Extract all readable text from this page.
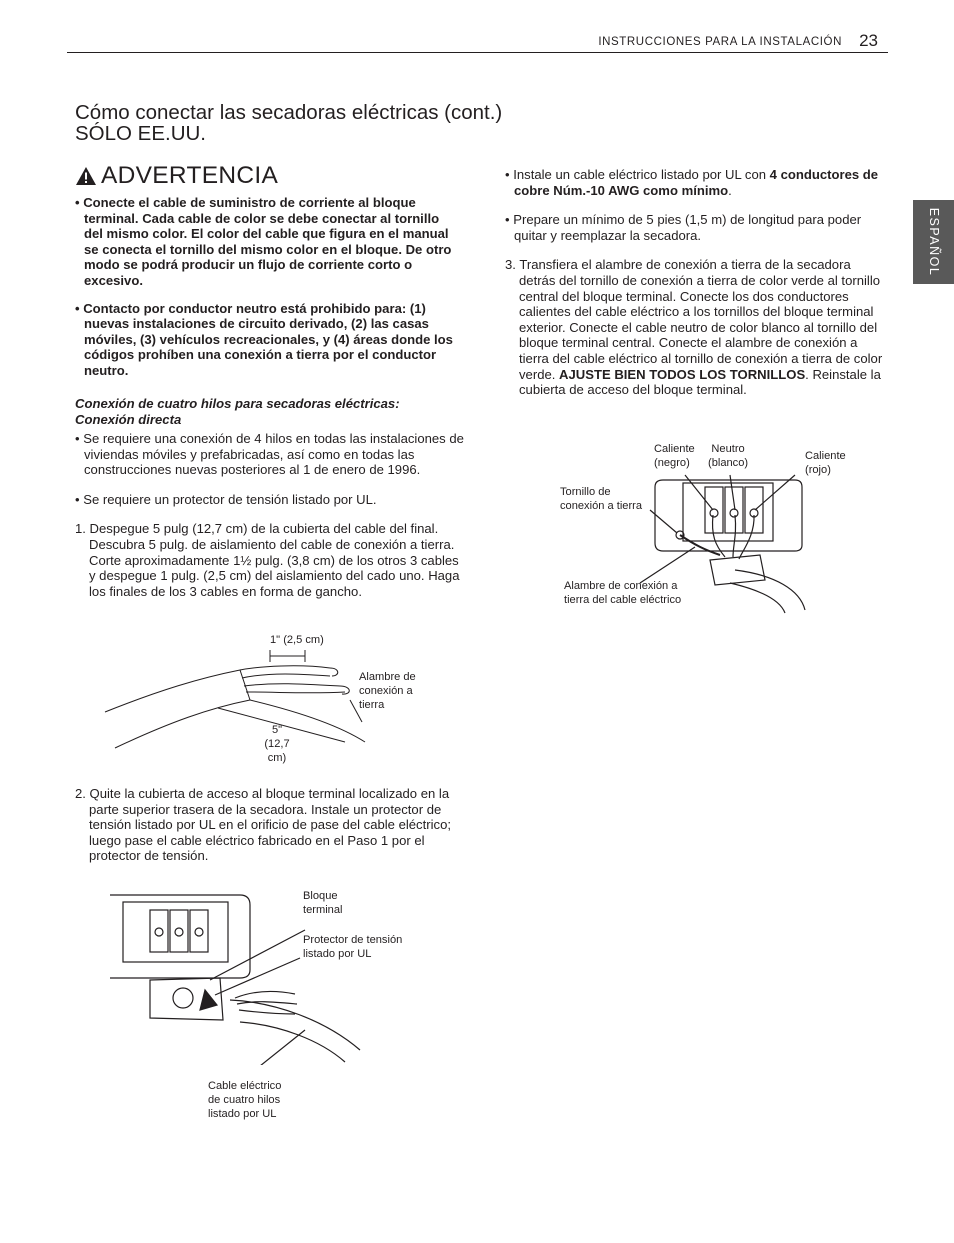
INSTRUCCIONES PARA LA INSTALACIÓN 23
ESPAÑOL
Cómo conectar las secadoras eléctricas (cont.)
SÓLO EE.UU.
ADVERTENCIA

• Conecte el cable de suministro de corriente al bloque terminal. Cada cable de color se debe conectar al tornillo del mismo color. El color del cable que figura en el manual se conecta el tornillo del mismo color en el bloque. De otro modo se podrá producir un flujo de corriente corto o excesivo.

• Contacto por conductor neutro está prohibido para: (1) nuevas instalaciones de circuito derivado, (2) las casas móviles, (3) vehículos recreacionales, y (4) áreas donde los códigos prohíben una conexión a tierra por el conductor neutro.

Conexión de cuatro hilos para secadoras eléctricas:

Conexión directa

• Se requiere una conexión de 4 hilos en todas las instalaciones de viviendas móviles y prefabricadas, así como en todas las construcciones nuevas posteriores al 1 de enero de 1996.

• Se requiere un protector de tensión listado por UL.

1. Despegue 5 pulg (12,7 cm) de la cubierta del cable del final. Descubra 5 pulg. de aislamiento del cable de conexión a tierra. Corte aproximadamente 1½ pulg. (3,8 cm) de los otros 3 cables y despegue 1 pulg. (2,5 cm) del aislamiento del cado uno. Haga los finales de los 3 cables en forma de gancho.

1" (2,5 cm)
Alambre de
conexión a
tierra
5"
(12,7 cm)

2. Quite la cubierta de acceso al bloque terminal localizado en la parte superior trasera de la secadora. Instale un protector de tensión listado por UL en el orificio de pase del cable eléctrico; luego pase el cable eléctrico fabricado en el Paso 1 por el protector de tensión.

Bloque
terminal
Protector de tensión
listado por UL
Cable eléctrico
de cuatro hilos
listado por UL

• Instale un cable eléctrico listado por UL con 4 conductores de cobre Núm.-10 AWG como mínimo.

• Prepare un mínimo de 5 pies (1,5 m) de longitud para poder quitar y reemplazar la secadora.

3. Transfiera el alambre de conexión a tierra de la secadora detrás del tornillo de conexión a tierra de color verde al tornillo central del bloque terminal. Conecte los dos conductores calientes del cable eléctrico a los tornillos del bloque terminal exterior. Conecte el cable neutro de color blanco al tornillo del bloque terminal central. Conecte el alambre de conexión a tierra del cable eléctrico al tornillo de conexión a tierra de color verde. AJUSTE BIEN TODOS LOS TORNILLOS. Reinstale la cubierta de acceso del bloque terminal.

Caliente
(negro)
Neutro
(blanco)
Caliente
(rojo)
Tornillo de
conexión a tierra
Alambre de conexión a
tierra del cable eléctrico
